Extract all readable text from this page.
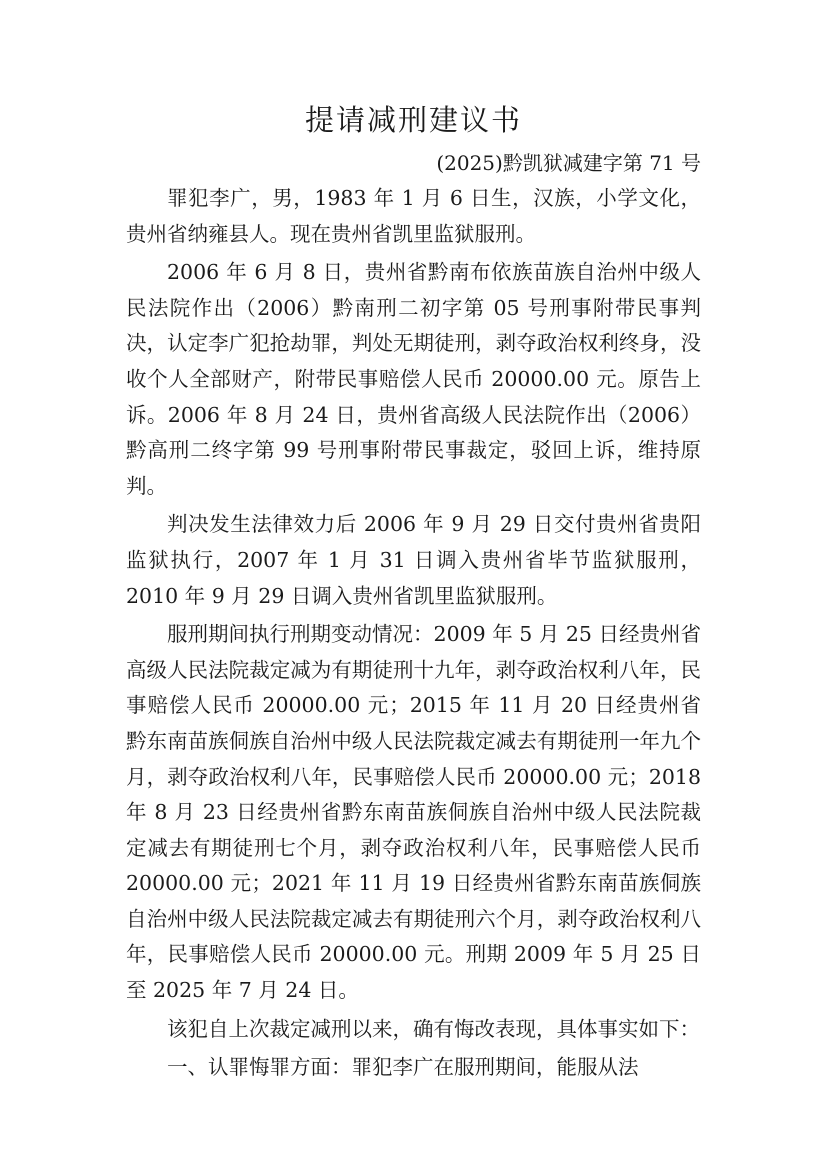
提请减刑建议书
(2025)黔凯狱减建字第 71 号

罪犯李广，男，1983 年 1 月 6 日生，汉族，小学文化，贵州省纳雍县人。现在贵州省凯里监狱服刑。

2006 年 6 月 8 日，贵州省黔南布依族苗族自治州中级人民法院作出（2006）黔南刑二初字第 05 号刑事附带民事判决，认定李广犯抢劫罪，判处无期徒刑，剥夺政治权利终身，没收个人全部财产，附带民事赔偿人民币 20000.00 元。原告上诉。2006 年 8 月 24 日，贵州省高级人民法院作出（2006）黔高刑二终字第 99 号刑事附带民事裁定，驳回上诉，维持原判。

判决发生法律效力后 2006 年 9 月 29 日交付贵州省贵阳监狱执行，2007 年 1 月 31 日调入贵州省毕节监狱服刑，2010 年 9 月 29 日调入贵州省凯里监狱服刑。

服刑期间执行刑期变动情况：2009 年 5 月 25 日经贵州省高级人民法院裁定减为有期徒刑十九年，剥夺政治权利八年，民事赔偿人民币 20000.00 元；2015 年 11 月 20 日经贵州省黔东南苗族侗族自治州中级人民法院裁定减去有期徒刑一年九个月，剥夺政治权利八年，民事赔偿人民币 20000.00 元；2018 年 8 月 23 日经贵州省黔东南苗族侗族自治州中级人民法院裁定减去有期徒刑七个月，剥夺政治权利八年，民事赔偿人民币 20000.00 元；2021 年 11 月 19 日经贵州省黔东南苗族侗族自治州中级人民法院裁定减去有期徒刑六个月，剥夺政治权利八年，民事赔偿人民币 20000.00 元。刑期 2009 年 5 月 25 日至 2025 年 7 月 24 日。

该犯自上次裁定减刑以来，确有悔改表现，具体事实如下：

一、认罪悔罪方面：罪犯李广在服刑期间，能服从法
